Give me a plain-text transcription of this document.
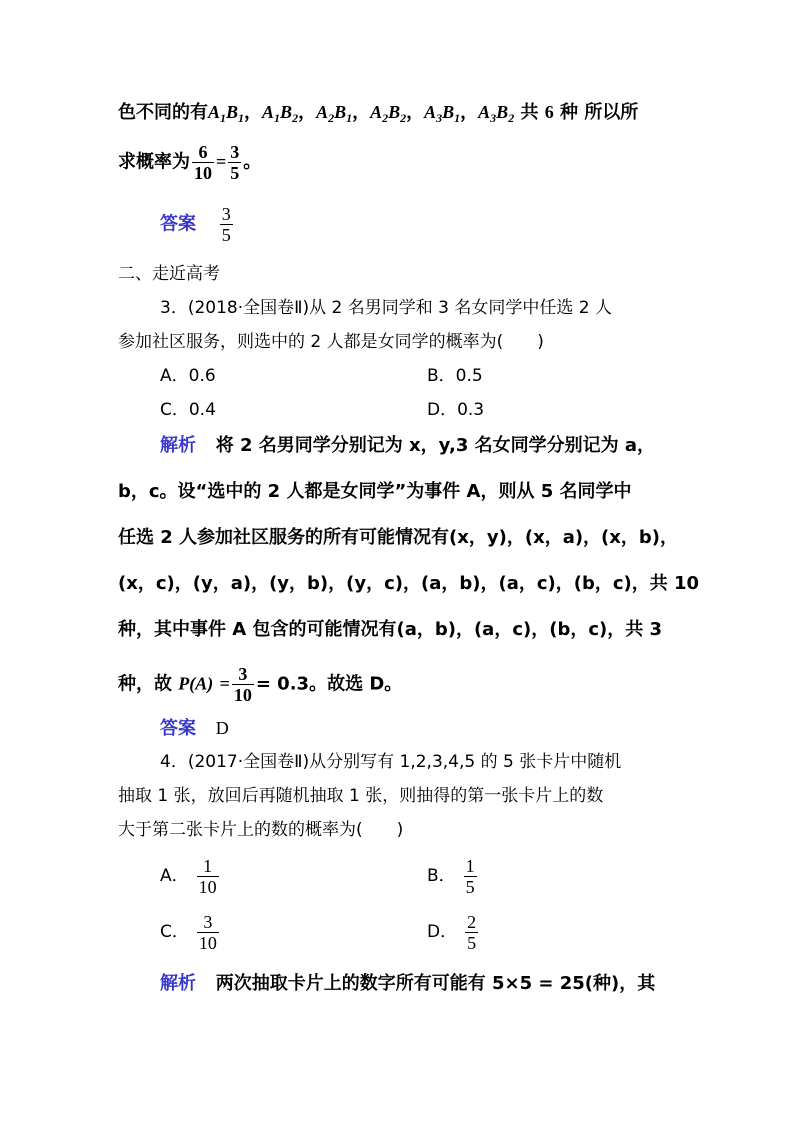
色不同的有$A_1B_1$，$A_1B_2$，$A_2B_1$，$A_2B_2$，$A_3B_1$，$A_3B_2$ 共 6 种 所以所
求概率为 $\frac{6}{10} = \frac{3}{5}$ 。
答案 $\frac{3}{5}$
二、走近高考
3．(2018·全国卷Ⅱ)从 2 名男同学和 3 名女同学中任选 2 人
参加社区服务，则选中的 2 人都是女同学的概率为(　　)
A．0.6	B．0.5
C．0.4	D．0.3
解析 将 2 名男同学分别记为 x，y,3 名女同学分别记为 a，
b，c。设“选中的 2 人都是女同学”为事件 A，则从 5 名同学中
任选 2 人参加社区服务的所有可能情况有(x，y)，(x，a)，(x，b)，
(x，c)，(y，a)，(y，b)，(y，c)，(a，b)，(a，c)，(b，c)，共 10
种，其中事件 A 包含的可能情况有(a，b)，(a，c)，(b，c)，共 3
种，故 $P(A) = \frac{3}{10} = 0.3$。故选 D。
答案 D
4．(2017·全国卷Ⅱ)从分别写有 1,2,3,4,5 的 5 张卡片中随机
抽取 1 张，放回后再随机抽取 1 张，则抽得的第一张卡片上的数
大于第二张卡片上的数的概率为(　　)
A． $\frac{1}{10}$	B． $\frac{1}{5}$
C． $\frac{3}{10}$	D． $\frac{2}{5}$
解析 两次抽取卡片上的数字所有可能有 5×5 = 25(种)，其
